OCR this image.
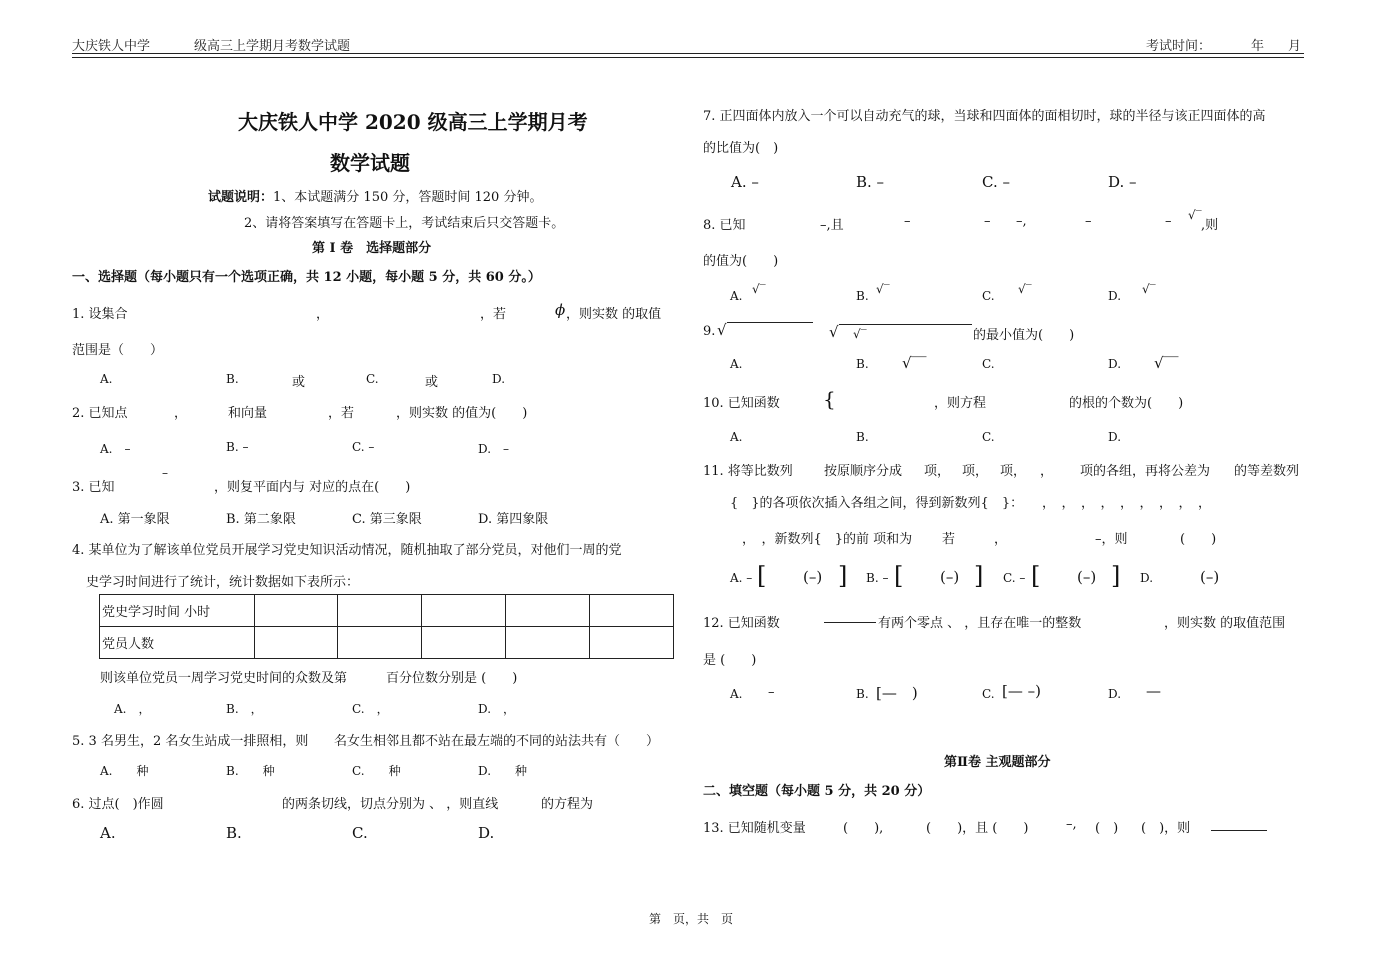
大庆铁人中学	级高三上学期月考数学试题	考试时间：	年 月
大庆铁人中学 2020 级高三上学期月考
数学试题
试题说明：1、本试题满分 150 分，答题时间 120 分钟。
2、请将答案填写在答题卡上，考试结束后只交答题卡。
第 I 卷　选择题部分
一、选择题（每小题只有一个选项正确，共 12 小题，每小题 5 分，共 60 分。）
1. 设集合	，	，若	ϕ ，则实数 的取值
范围是（　　）
A.	B.	或	C.	或	D.
2. 已知点	，	和向量	，若	，则实数 的值为(　　)
A.　–	B. –	C. –	D.　–
3. 已知
–
，则复平面内与 对应的点在(　　)
A. 第一象限	B. 第二象限	C. 第三象限	D. 第四象限
4. 某单位为了解该单位党员开展学习党史知识活动情况，随机抽取了部分党员，对他们一周的党
史学习时间进行了统计，统计数据如下表所示：
党史学习时间 小时					
党员人数					
则该单位党员一周学习党史时间的众数及第	百分位数分别是 (　　)
A.　，	B.　，	C.　，	D.　，
5. 3 名男生，2 名女生站成一排照相，则 名女生相邻且都不站在最左端的不同的站法共有（　　）
A.　　种	B.　　种	C.　　种	D.　　种
6. 过点(　)作圆	的两条切线，切点分别为 、 ，则直线	的方程为
A.	B.	C.	D.
7. 正四面体内放入一个可以自动充气的球，当球和四面体的面相切时，球的半径与该正四面体的高
的比值为(　)
A. –	B. –	C. –	D. –
8. 已知	–,且	–	– –,	–	– √‾
,则
的值为(　　)
A. √‾	B. √‾	C. √‾	D. √‾
9. √	√ √‾	的最小值为(　　)
A.	B. √‾‾	C.	D. √‾‾
10. 已知函数 {	，则方程	的根的个数为(　　)
A.	B.	C.	D.
11. 将等比数列 按原顺序分成 项， 项， 项， ， 项的各组，再将公差为 的等差数列
{　}的各项依次插入各组之间，得到新数列{　}： ，　，　，　，　，　，　，　，　，
，　，新数列{　}的前 项和为 若	，	–，则	(　　)
A. – [ (–) ] B. – [ (–) ] C. – [ (–) ] D.	(–)
12. 已知函数	有两个零点 、 ，且存在唯一的整数	，则实数 的取值范围
是 (　　)
A. –	B. [—　)	C. [— –)	D. —
第Ⅱ卷 主观题部分
二、填空题（每小题 5 分，共 20 分）
13. 已知随机变量	(　　),	(　　)，且 (　　)	–, (　) (　)，则
第　页，共　页
